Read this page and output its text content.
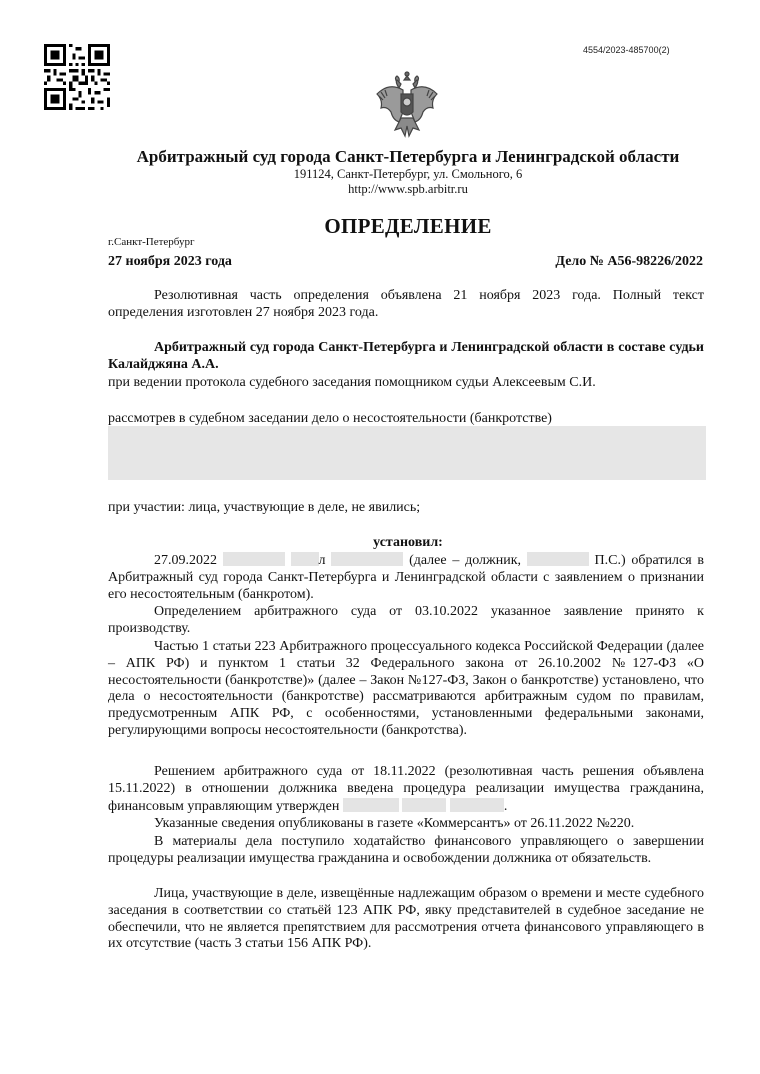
4554/2023-485700(2)
Арбитражный суд города Санкт-Петербурга и Ленинградской области
191124, Санкт-Петербург, ул. Смольного, 6
http://www.spb.arbitr.ru
ОПРЕДЕЛЕНИЕ
г.Санкт-Петербург
27 ноября 2023 года	Дело № А56-98226/2022
Резолютивная часть определения объявлена 21 ноября 2023 года. Полный текст определения изготовлен 27 ноября 2023 года.
Арбитражный суд города Санкт-Петербурга и Ленинградской области в составе судьи Калайджяна А.А.
при ведении протокола судебного заседания помощником судьи Алексеевым С.И.
рассмотрев в судебном заседании дело о несостоятельности (банкротстве)
при участии: лица, участвующие в деле, не явились;
установил:
27.09.2022	л	(далее – должник,	П.С.) обратился в Арбитражный суд города Санкт-Петербурга и Ленинградской области с заявлением о признании его несостоятельным (банкротом).
Определением арбитражного суда от 03.10.2022 указанное заявление принято к производству.
Частью 1 статьи 223 Арбитражного процессуального кодекса Российской Федерации (далее – АПК РФ) и пунктом 1 статьи 32 Федерального закона от 26.10.2002 №127-ФЗ «О несостоятельности (банкротстве)» (далее – Закон №127-ФЗ, Закон о банкротстве) установлено, что дела о несостоятельности (банкротстве) рассматриваются арбитражным судом по правилам, предусмотренным АПК РФ, с особенностями, установленными федеральными законами, регулирующими вопросы несостоятельности (банкротства).
Решением арбитражного суда от 18.11.2022 (резолютивная часть решения объявлена 15.11.2022) в отношении должника введена процедура реализации имущества гражданина, финансовым управляющим утвержден	.
Указанные сведения опубликованы в газете «Коммерсантъ» от 26.11.2022 №220.
В материалы дела поступило ходатайство финансового управляющего о завершении процедуры реализации имущества гражданина и освобождении должника от обязательств.
Лица, участвующие в деле, извещённые надлежащим образом о времени и месте судебного заседания в соответствии со статьёй 123 АПК РФ, явку представителей в судебное заседание не обеспечили, что не является препятствием для рассмотрения отчета финансового управляющего в их отсутствие (часть 3 статьи 156 АПК РФ).
